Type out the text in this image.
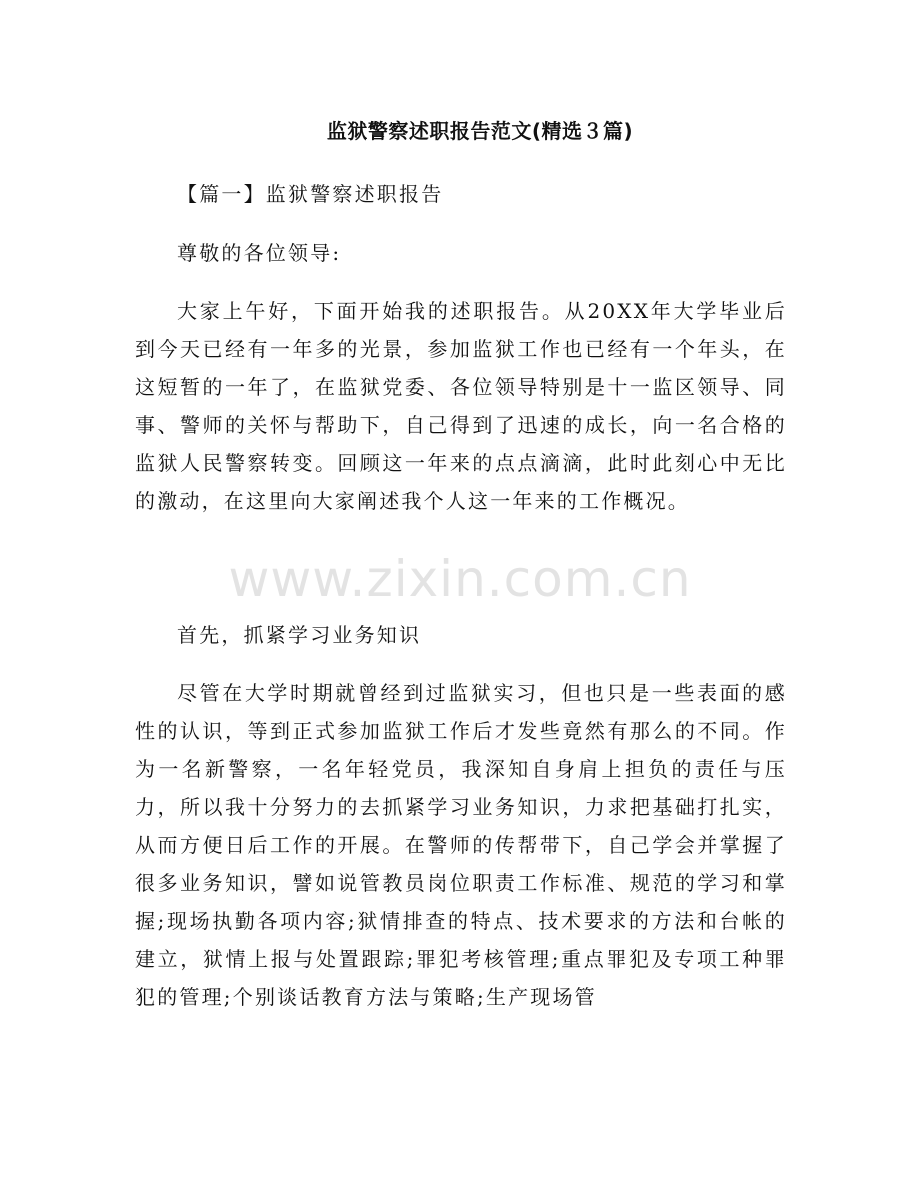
监狱警察述职报告范文(精选３篇)

【篇一】监狱警察述职报告

尊敬的各位领导:

大家上午好，下面开始我的述职报告。从20XX年大学毕业后到今天已经有一年多的光景，参加监狱工作也已经有一个年头，在这短暂的一年了，在监狱党委、各位领导特别是十一监区领导、同事、警师的关怀与帮助下，自己得到了迅速的成长，向一名合格的监狱人民警察转变。回顾这一年来的点点滴滴，此时此刻心中无比的激动，在这里向大家阐述我个人这一年来的工作概况。

首先，抓紧学习业务知识

尽管在大学时期就曾经到过监狱实习，但也只是一些表面的感性的认识，等到正式参加监狱工作后才发些竟然有那么的不同。作为一名新警察，一名年轻党员，我深知自身肩上担负的责任与压力，所以我十分努力的去抓紧学习业务知识，力求把基础打扎实，从而方便日后工作的开展。在警师的传帮带下，自己学会并掌握了很多业务知识，譬如说管教员岗位职责工作标准、规范的学习和掌握;现场执勤各项内容;狱情排查的特点、技术要求的方法和台帐的建立，狱情上报与处置跟踪;罪犯考核管理;重点罪犯及专项工种罪犯的管理;个别谈话教育方法与策略;生产现场管

www.zixin.com.cn
